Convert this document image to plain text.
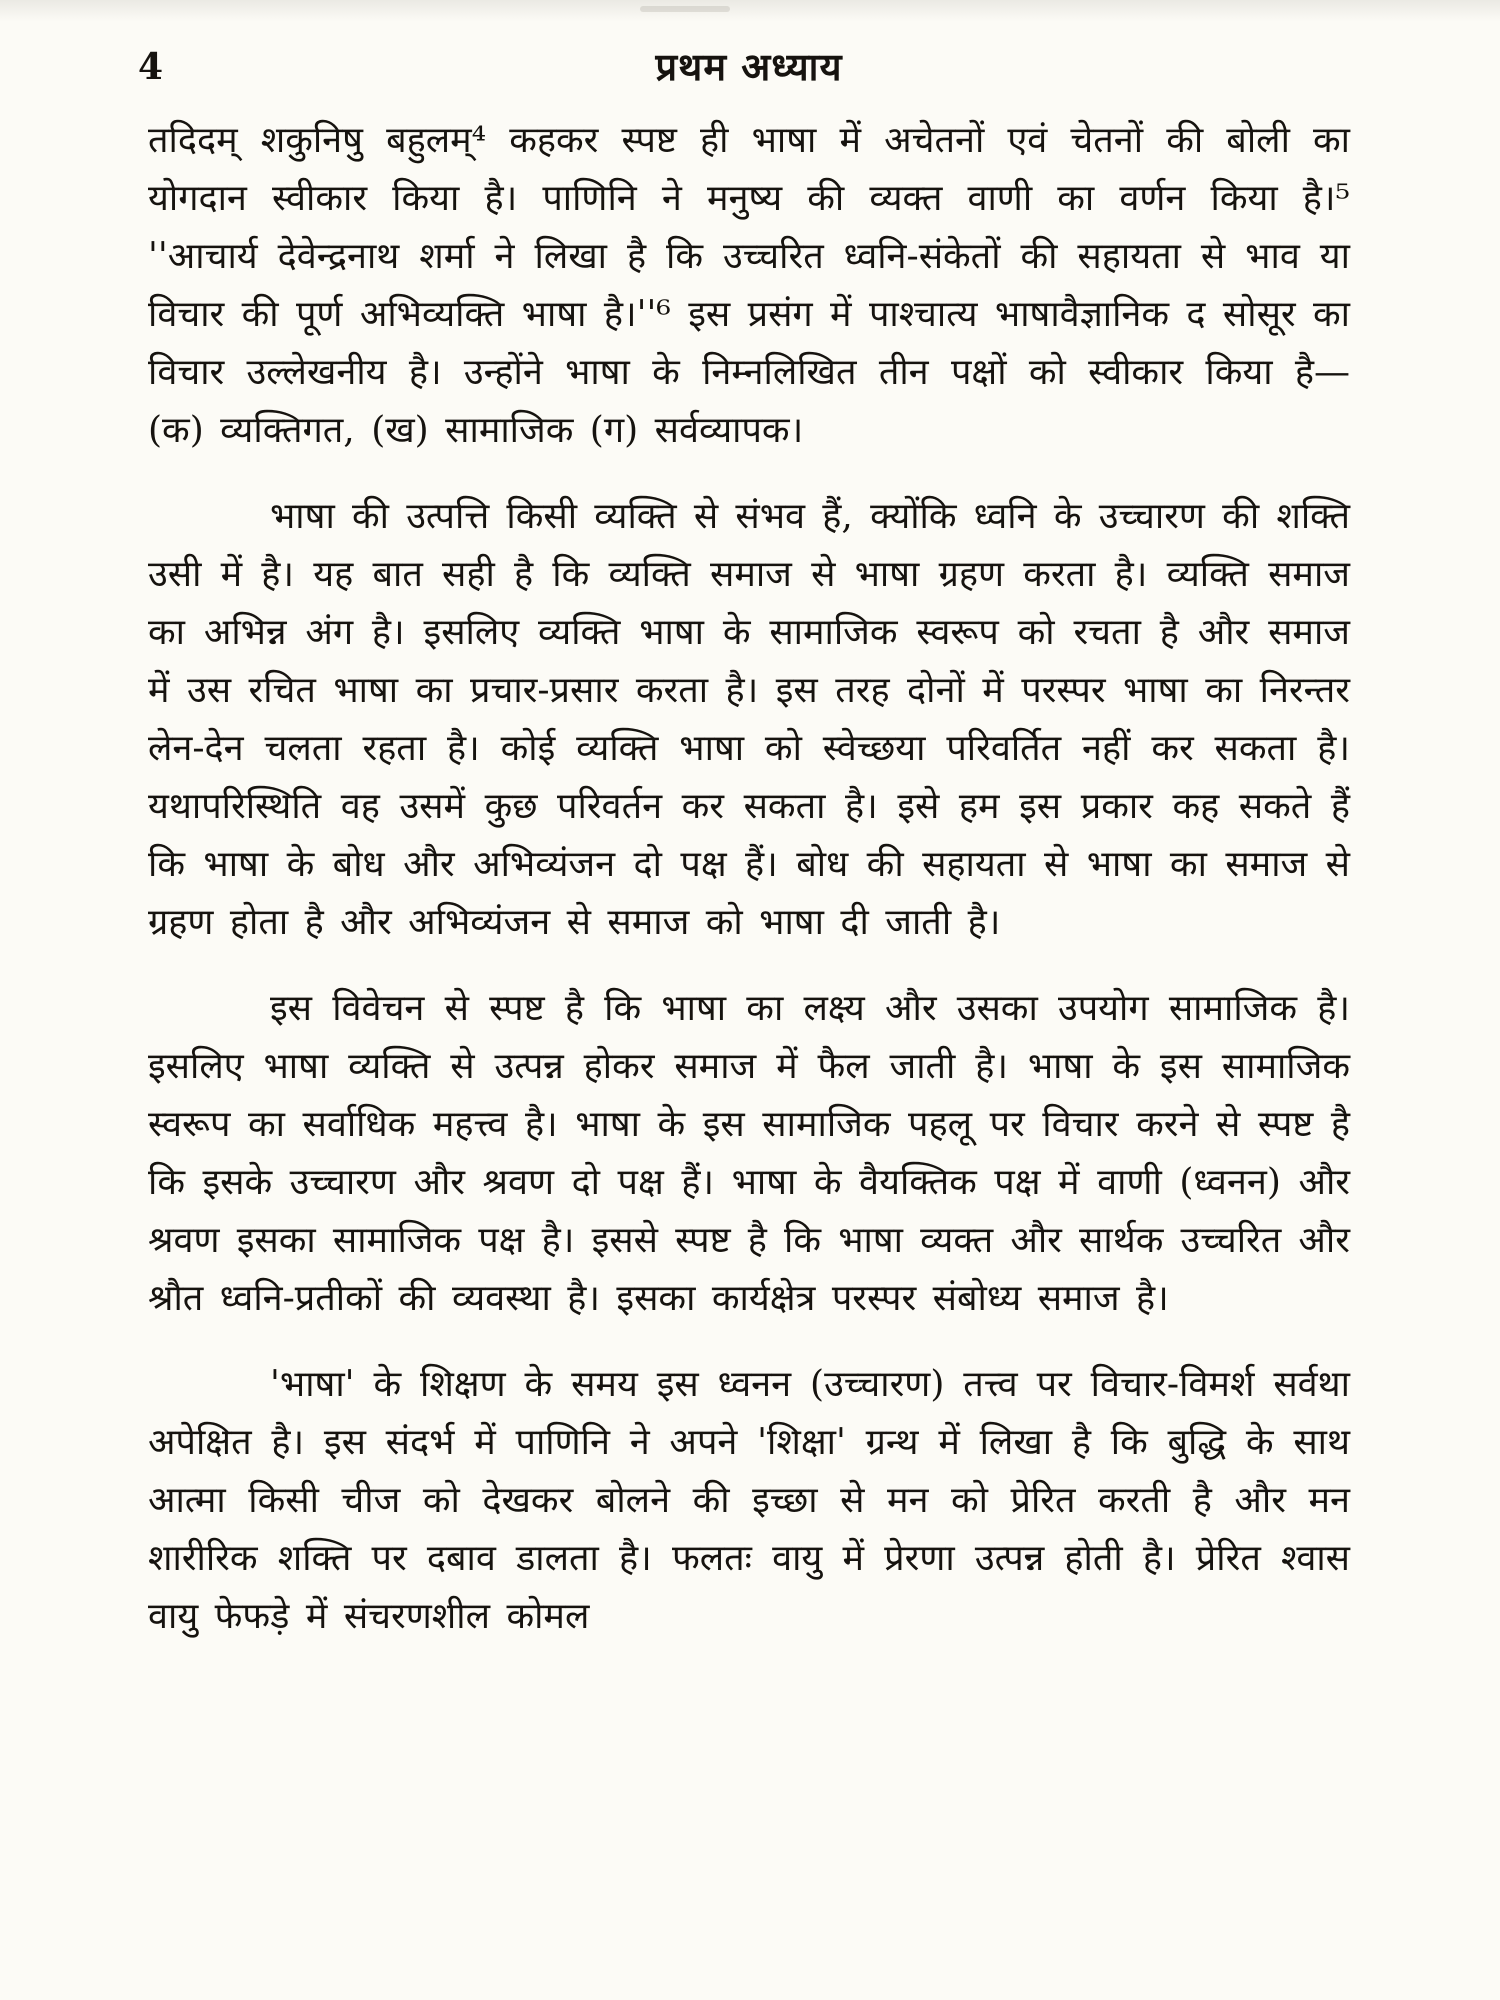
4	प्रथम अध्याय

तदिदम् शकुनिषु बहुलम्⁴ कहकर स्पष्ट ही भाषा में अचेतनों एवं चेतनों की बोली का योगदान स्वीकार किया है। पाणिनि ने मनुष्य की व्यक्त वाणी का वर्णन किया है।⁵ ''आचार्य देवेन्द्रनाथ शर्मा ने लिखा है कि उच्चरित ध्वनि-संकेतों की सहायता से भाव या विचार की पूर्ण अभिव्यक्ति भाषा है।''⁶ इस प्रसंग में पाश्चात्य भाषावैज्ञानिक द सोसूर का विचार उल्लेखनीय है। उन्होंने भाषा के निम्नलिखित तीन पक्षों को स्वीकार किया है— (क) व्यक्तिगत, (ख) सामाजिक (ग) सर्वव्यापक।

भाषा की उत्पत्ति किसी व्यक्ति से संभव हैं, क्योंकि ध्वनि के उच्चारण की शक्ति उसी में है। यह बात सही है कि व्यक्ति समाज से भाषा ग्रहण करता है। व्यक्ति समाज का अभिन्न अंग है। इसलिए व्यक्ति भाषा के सामाजिक स्वरूप को रचता है और समाज में उस रचित भाषा का प्रचार-प्रसार करता है। इस तरह दोनों में परस्पर भाषा का निरन्तर लेन-देन चलता रहता है। कोई व्यक्ति भाषा को स्वेच्छया परिवर्तित नहीं कर सकता है। यथापरिस्थिति वह उसमें कुछ परिवर्तन कर सकता है। इसे हम इस प्रकार कह सकते हैं कि भाषा के बोध और अभिव्यंजन दो पक्ष हैं। बोध की सहायता से भाषा का समाज से ग्रहण होता है और अभिव्यंजन से समाज को भाषा दी जाती है।

इस विवेचन से स्पष्ट है कि भाषा का लक्ष्य और उसका उपयोग सामाजिक है। इसलिए भाषा व्यक्ति से उत्पन्न होकर समाज में फैल जाती है। भाषा के इस सामाजिक स्वरूप का सर्वाधिक महत्त्व है। भाषा के इस सामाजिक पहलू पर विचार करने से स्पष्ट है कि इसके उच्चारण और श्रवण दो पक्ष हैं। भाषा के वैयक्तिक पक्ष में वाणी (ध्वनन) और श्रवण इसका सामाजिक पक्ष है। इससे स्पष्ट है कि भाषा व्यक्त और सार्थक उच्चरित और श्रौत ध्वनि-प्रतीकों की व्यवस्था है। इसका कार्यक्षेत्र परस्पर संबोध्य समाज है।

'भाषा' के शिक्षण के समय इस ध्वनन (उच्चारण) तत्त्व पर विचार-विमर्श सर्वथा अपेक्षित है। इस संदर्भ में पाणिनि ने अपने 'शिक्षा' ग्रन्थ में लिखा है कि बुद्धि के साथ आत्मा किसी चीज को देखकर बोलने की इच्छा से मन को प्रेरित करती है और मन शारीरिक शक्ति पर दबाव डालता है। फलतः वायु में प्रेरणा उत्पन्न होती है। प्रेरित श्वास वायु फेफड़े में संचरणशील कोमल
